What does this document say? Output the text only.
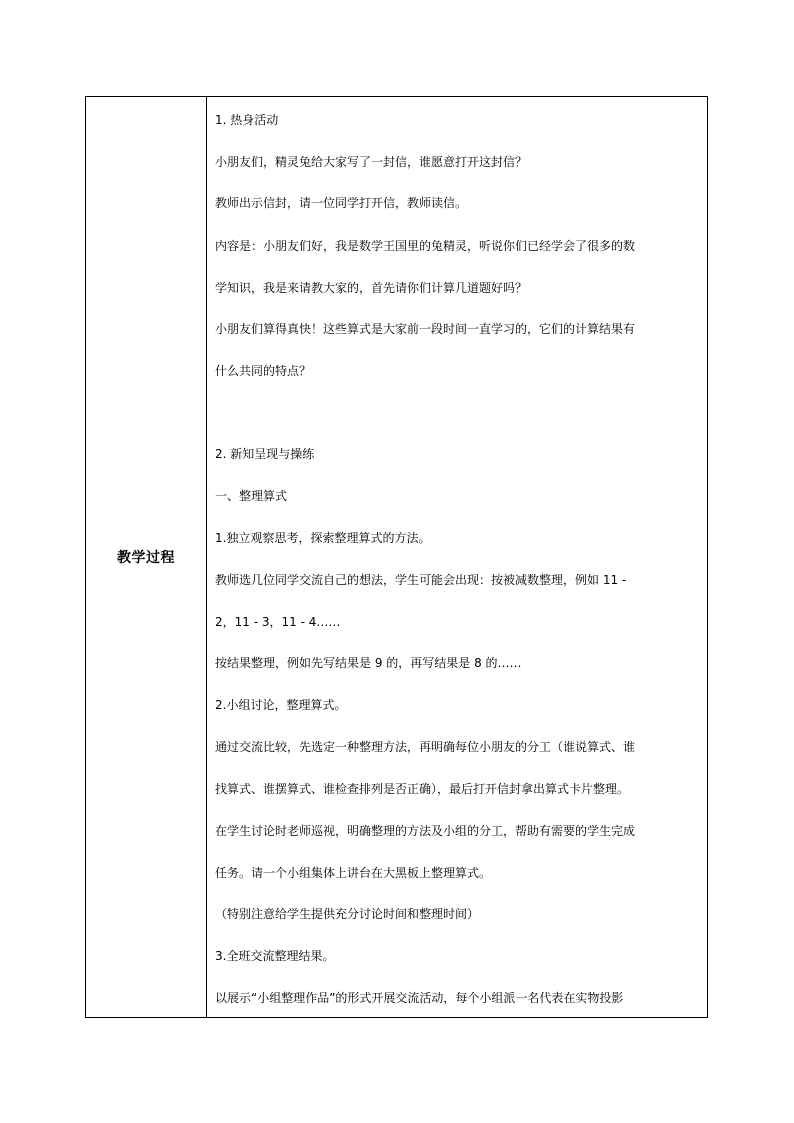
教学过程
1. 热身活动
小朋友们，精灵兔给大家写了一封信，谁愿意打开这封信？
教师出示信封，请一位同学打开信，教师读信。
内容是：小朋友们好，我是数学王国里的兔精灵，听说你们已经学会了很多的数
学知识，我是来请教大家的，首先请你们计算几道题好吗？
小朋友们算得真快！这些算式是大家前一段时间一直学习的，它们的计算结果有
什么共同的特点？
2. 新知呈现与操练
一、整理算式
1.独立观察思考，探索整理算式的方法。
教师选几位同学交流自己的想法，学生可能会出现：按被减数整理，例如 11 -
2，11 - 3，11 - 4……
按结果整理，例如先写结果是 9 的，再写结果是 8 的……
2.小组讨论，整理算式。
通过交流比较，先选定一种整理方法，再明确每位小朋友的分工（谁说算式、谁
找算式、谁摆算式、谁检查排列是否正确），最后打开信封拿出算式卡片整理。
在学生讨论时老师巡视，明确整理的方法及小组的分工，帮助有需要的学生完成
任务。请一个小组集体上讲台在大黑板上整理算式。
（特别注意给学生提供充分讨论时间和整理时间）
3.全班交流整理结果。
以展示“小组整理作品”的形式开展交流活动，每个小组派一名代表在实物投影
